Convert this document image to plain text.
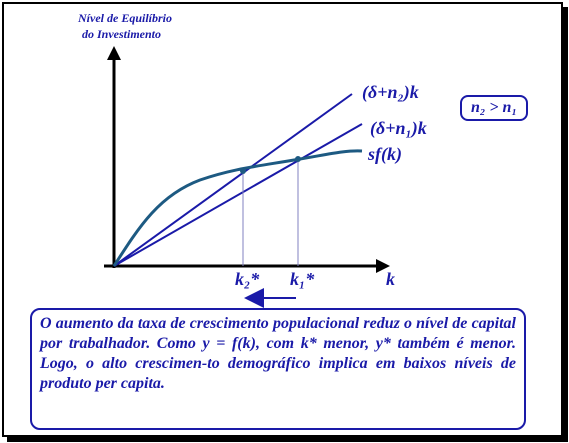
Nível de Equilíbrio
do Investimento
k
(δ+n₂)k
(δ+n₁)k
sf(k)
k₂* k₁*
n₂ > n₁
O aumento da taxa de crescimento populacional reduz o nível de capital por trabalhador. Como y = f(k), com k* menor, y* também é menor. Logo, o alto crescimen-to demográfico implica em baixos níveis de produto per capita.
